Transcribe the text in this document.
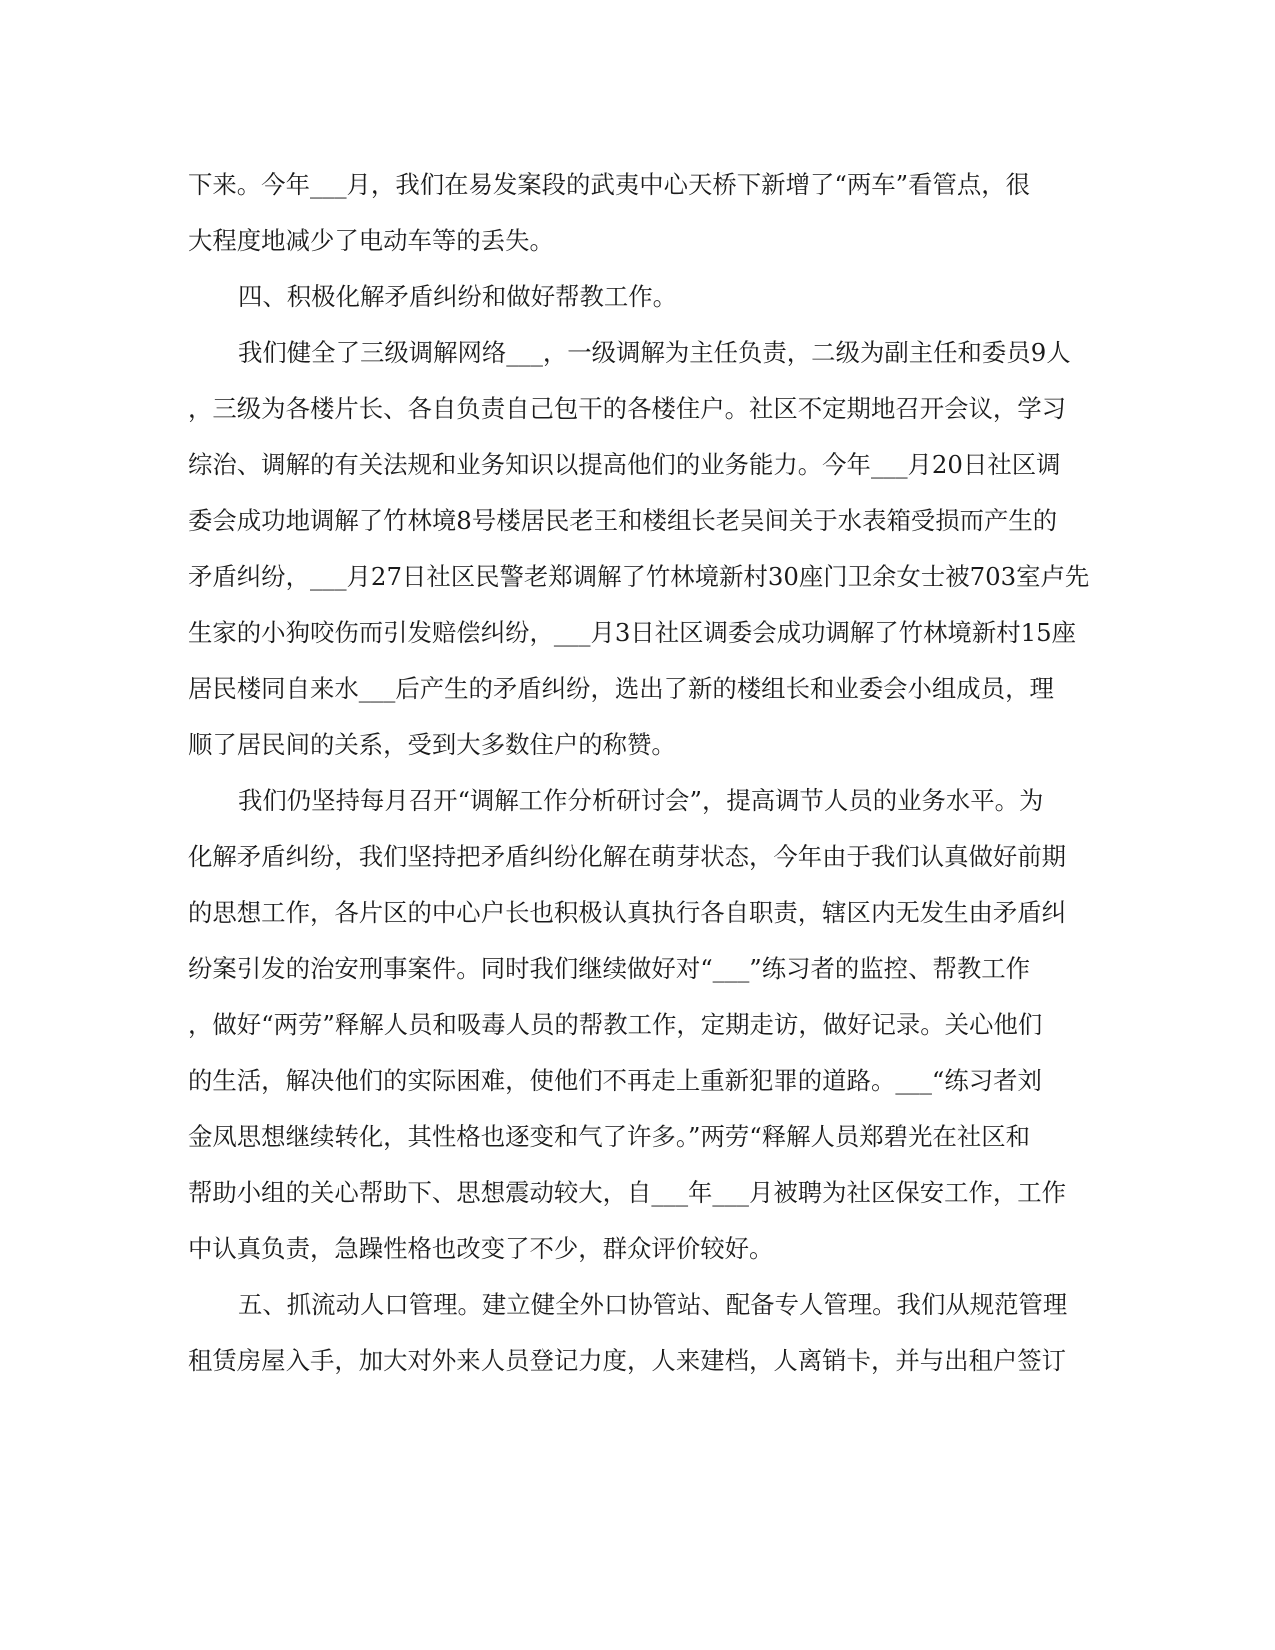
下来。今年___月，我们在易发案段的武夷中心天桥下新增了“两车”看管点，很

大程度地减少了电动车等的丢失。

四、积极化解矛盾纠纷和做好帮教工作。

我们健全了三级调解网络___，一级调解为主任负责，二级为副主任和委员9人

，三级为各楼片长、各自负责自己包干的各楼住户。社区不定期地召开会议，学习

综治、调解的有关法规和业务知识以提高他们的业务能力。今年___月20日社区调

委会成功地调解了竹林境8号楼居民老王和楼组长老吴间关于水表箱受损而产生的

矛盾纠纷，___月27日社区民警老郑调解了竹林境新村30座门卫余女士被703室卢先

生家的小狗咬伤而引发赔偿纠纷，___月3日社区调委会成功调解了竹林境新村15座

居民楼同自来水___后产生的矛盾纠纷，选出了新的楼组长和业委会小组成员，理

顺了居民间的关系，受到大多数住户的称赞。

我们仍坚持每月召开“调解工作分析研讨会”，提高调节人员的业务水平。为

化解矛盾纠纷，我们坚持把矛盾纠纷化解在萌芽状态，今年由于我们认真做好前期

的思想工作，各片区的中心户长也积极认真执行各自职责，辖区内无发生由矛盾纠

纷案引发的治安刑事案件。同时我们继续做好对“___”练习者的监控、帮教工作

，做好“两劳”释解人员和吸毒人员的帮教工作，定期走访，做好记录。关心他们

的生活，解决他们的实际困难，使他们不再走上重新犯罪的道路。___“练习者刘

金凤思想继续转化，其性格也逐变和气了许多。”两劳“释解人员郑碧光在社区和

帮助小组的关心帮助下、思想震动较大，自___年___月被聘为社区保安工作，工作

中认真负责，急躁性格也改变了不少，群众评价较好。

五、抓流动人口管理。建立健全外口协管站、配备专人管理。我们从规范管理

租赁房屋入手，加大对外来人员登记力度，人来建档，人离销卡，并与出租户签订
